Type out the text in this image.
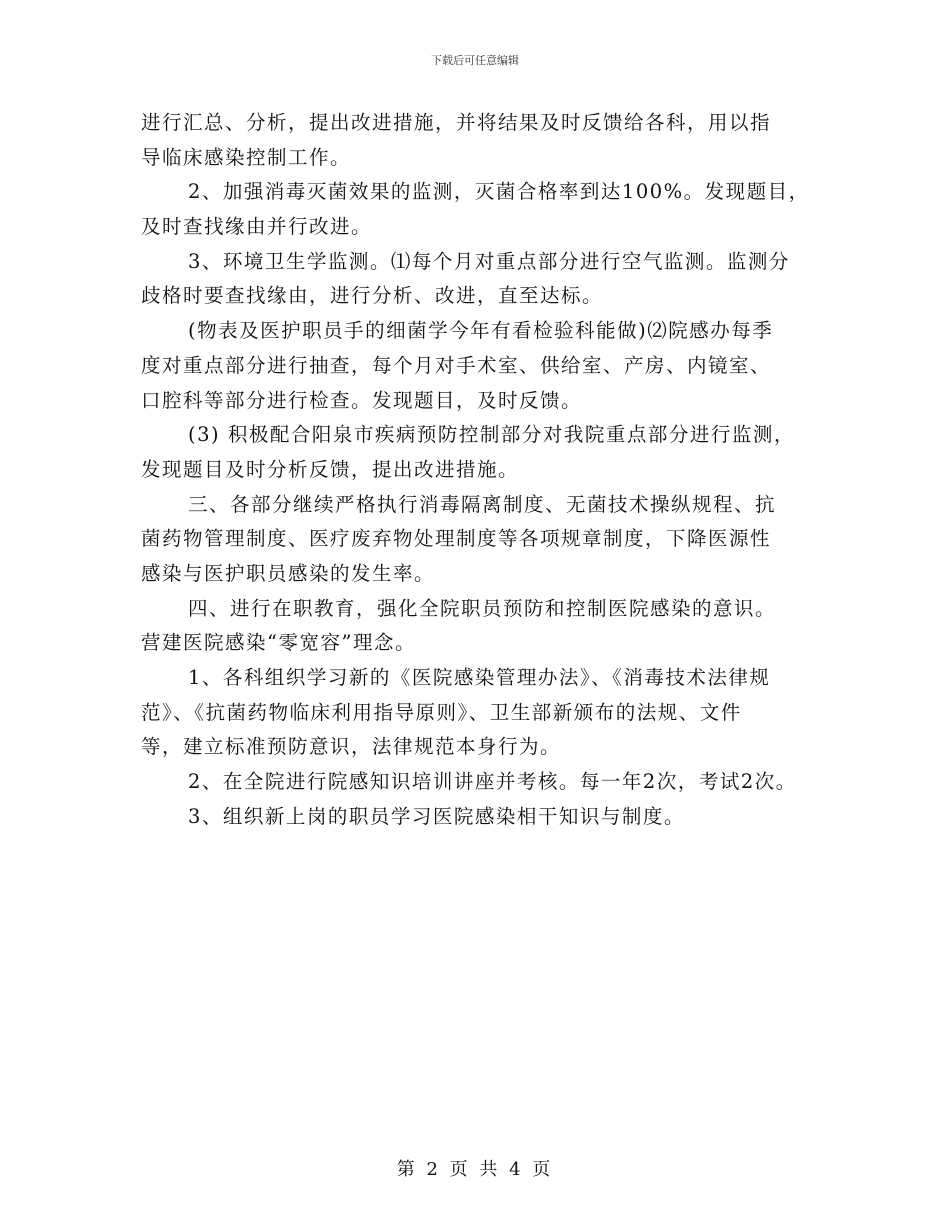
下载后可任意编辑
进行汇总、分析，提出改进措施，并将结果及时反馈给各科，用以指
导临床感染控制工作。
2、加强消毒灭菌效果的监测，灭菌合格率到达100%。发现题目，
及时查找缘由并行改进。
3、环境卫生学监测。⑴每个月对重点部分进行空气监测。监测分
歧格时要查找缘由，进行分析、改进，直至达标。
(物表及医护职员手的细菌学今年有看检验科能做)⑵院感办每季
度对重点部分进行抽查，每个月对手术室、供给室、产房、内镜室、
口腔科等部分进行检查。发现题目，及时反馈。
(3) 积极配合阳泉市疾病预防控制部分对我院重点部分进行监测，
发现题目及时分析反馈，提出改进措施。
三、各部分继续严格执行消毒隔离制度、无菌技术操纵规程、抗
菌药物管理制度、医疗废弃物处理制度等各项规章制度，下降医源性
感染与医护职员感染的发生率。
四、进行在职教育，强化全院职员预防和控制医院感染的意识。
营建医院感染“零宽容”理念。
1、各科组织学习新的《医院感染管理办法》、《消毒技术法律规
范》、《抗菌药物临床利用指导原则》、卫生部新颁布的法规、文件
等，建立标准预防意识，法律规范本身行为。
2、在全院进行院感知识培训讲座并考核。每一年2次，考试2次。
3、组织新上岗的职员学习医院感染相干知识与制度。
第 2 页 共 4 页
